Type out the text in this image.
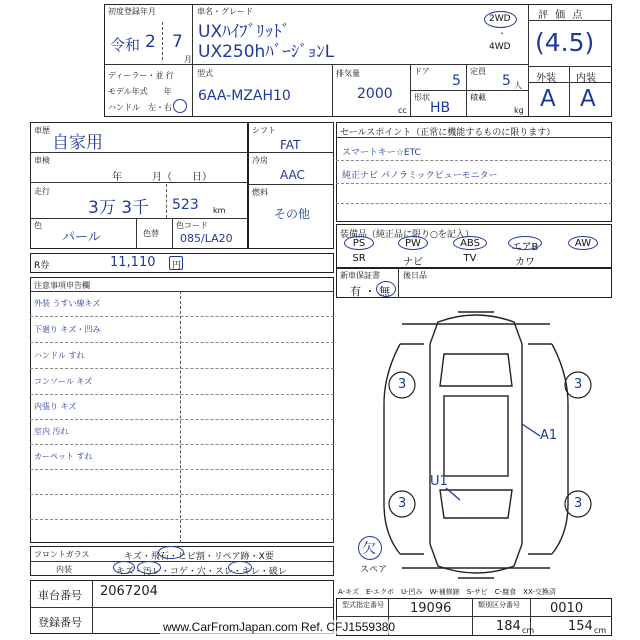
初度登録年月
令和 2 7
月
車名・グレード
UXﾊｲﾌﾞﾘｯﾄﾞ
UX250hﾊﾞｰｼﾞｮﾝL
2WD
・
4WD
評 価 点
(4.5)
外装 内装
A A
ディーラー・並 行
モデル年式　　年
ハンドル　左・右
型式
6AA-MZAH10
排気量
2000
cc
ドア
5
形状
HB
定員
5 人
積載
kg
車歴
自家用
車検
年　　　月（　　日）
走行
3万 3千 523 km
色
パール	色替
色コード
085/LA20
シフト
FAT
冷房
AAC
燃料
その他
セールスポイント（正常に機能するものに限ります）
スマートキー☆ETC
純正ナビ パノラミックビューモニター
装備品（純正品に限り○を記入）
PS	PW	ABS	エアB	AW
SR	ナビ	TV	カワ
新車保証書
有 ・ 無
後日品
R券	11,110 円
注意事項申告欄
外装 うすい線キズ
下廻り キズ・凹み
ハンドル すれ
コンソール キズ
内張り キズ
室内 汚れ
カーペット すれ
フロントガラス	キズ・飛石・ヒビ割・リペア跡・X要
内装	キズ・汚レ・コゲ・穴・スレ・キレ・破レ
車台番号 2067204
登録番号
3	3
3	3
A1
U1
欠
スペア
A-キズ　E-エクボ　U-凹み　W-補修跡　S-サビ　C-腐食　XX-交換済
型式指定番号 19096	類別区分番号 0010
184 cm	154 cm
www.CarFromJapan.com Ref. CFJ1559380
